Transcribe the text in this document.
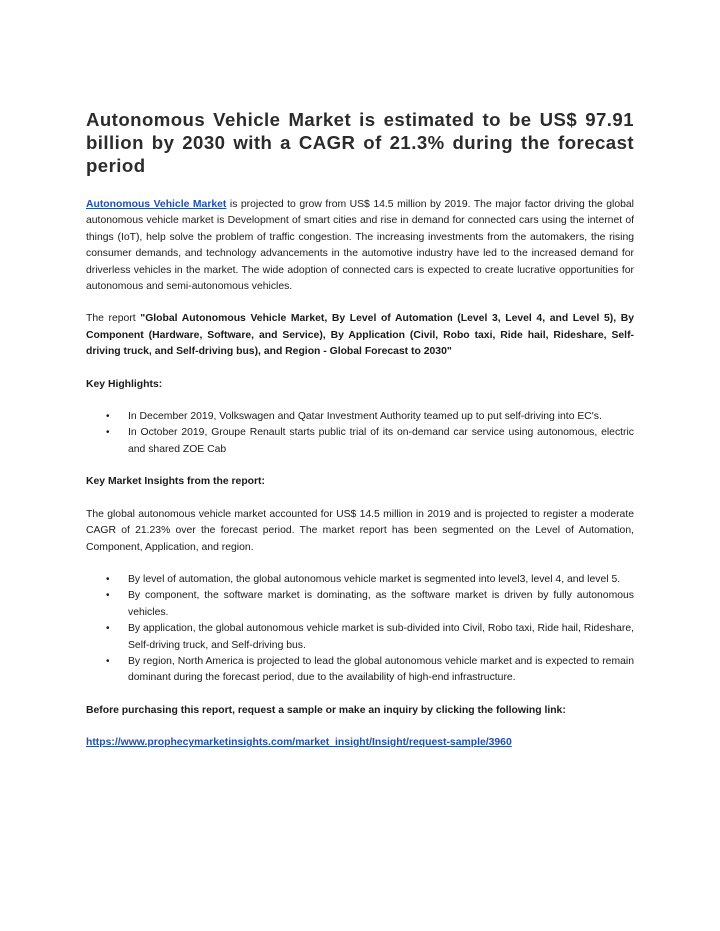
Autonomous Vehicle Market is estimated to be US$ 97.91 billion by 2030 with a CAGR of 21.3% during the forecast period

Autonomous Vehicle Market is projected to grow from US$ 14.5 million by 2019. The major factor driving the global autonomous vehicle market is Development of smart cities and rise in demand for connected cars using the internet of things (IoT), help solve the problem of traffic congestion. The increasing investments from the automakers, the rising consumer demands, and technology advancements in the automotive industry have led to the increased demand for driverless vehicles in the market. The wide adoption of connected cars is expected to create lucrative opportunities for autonomous and semi-autonomous vehicles.

The report "Global Autonomous Vehicle Market, By Level of Automation (Level 3, Level 4, and Level 5), By Component (Hardware, Software, and Service), By Application (Civil, Robo taxi, Ride hail, Rideshare, Self-driving truck, and Self-driving bus), and Region - Global Forecast to 2030"

Key Highlights:

• In December 2019, Volkswagen and Qatar Investment Authority teamed up to put self-driving into EC's.
• In October 2019, Groupe Renault starts public trial of its on-demand car service using autonomous, electric and shared ZOE Cab

Key Market Insights from the report:

The global autonomous vehicle market accounted for US$ 14.5 million in 2019 and is projected to register a moderate CAGR of 21.23% over the forecast period. The market report has been segmented on the Level of Automation, Component, Application, and region.

• By level of automation, the global autonomous vehicle market is segmented into level3, level 4, and level 5.
• By component, the software market is dominating, as the software market is driven by fully autonomous vehicles.
• By application, the global autonomous vehicle market is sub-divided into Civil, Robo taxi, Ride hail, Rideshare, Self-driving truck, and Self-driving bus.
• By region, North America is projected to lead the global autonomous vehicle market and is expected to remain dominant during the forecast period, due to the availability of high-end infrastructure.

Before purchasing this report, request a sample or make an inquiry by clicking the following link:

https://www.prophecymarketinsights.com/market_insight/Insight/request-sample/3960
